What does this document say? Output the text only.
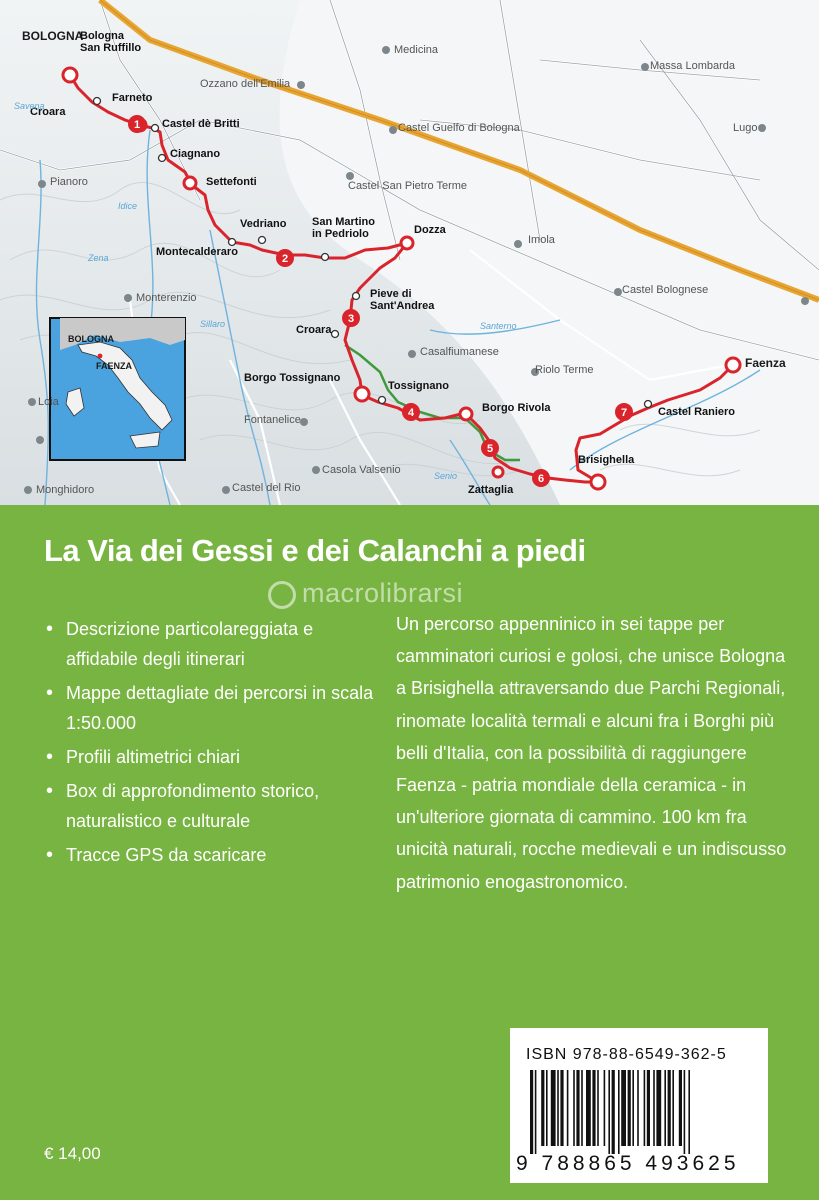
1
2
3
4
5
6
7
BOLOGNA
Bologna
San Ruffillo
Croara
Farneto
Castel dè Britti
Ciagnano
Settefonti
Vedriano
Montecalderaro
San Martino
in Pedriolo	Dozza
Pieve di
Sant'Andrea
Croara
Borgo Tossignano
Tossignano
Borgo Rivola
Zattaglia
Brisighella
Castel Raniero
Faenza
Medicina
Massa Lombarda
Ozzano dell'Emilia
Castel Guelfo di Bologna	Lugo
Pianoro	Castel San Pietro Terme
Imola
Castel Bolognese
Monterenzio
Casalfiumanese
Riolo Terme
Fontanelice
Casola Valsenio
Castel del Rio
Loia
Monghidoro
Savena
Idice
Zena
Sillaro	Santerno
Senio
BOLOGNA
FAENZA
La Via dei Gessi e dei Calanchi a piedi
macrolibrarsi
• Descrizione particolareggiata e affidabile degli itinerari
• Mappe dettagliate dei percorsi in scala 1:50.000
• Profili altimetrici chiari
• Box di approfondimento storico, naturalistico e culturale
• Tracce GPS da scaricare

Un percorso appenninico in sei tappe per camminatori curiosi e golosi, che unisce Bologna a Brisighella attraversando due Parchi Regionali, rinomate località termali e alcuni fra i Borghi più belli d'Italia, con la possibilità di raggiungere Faenza - patria mondiale della ceramica - in un'ulteriore giornata di cammino. 100 km fra unicità naturali, rocche medievali e un indiscusso patrimonio enogastronomico.

ISBN 978-88-6549-362-5
9 788865 493625
€ 14,00
